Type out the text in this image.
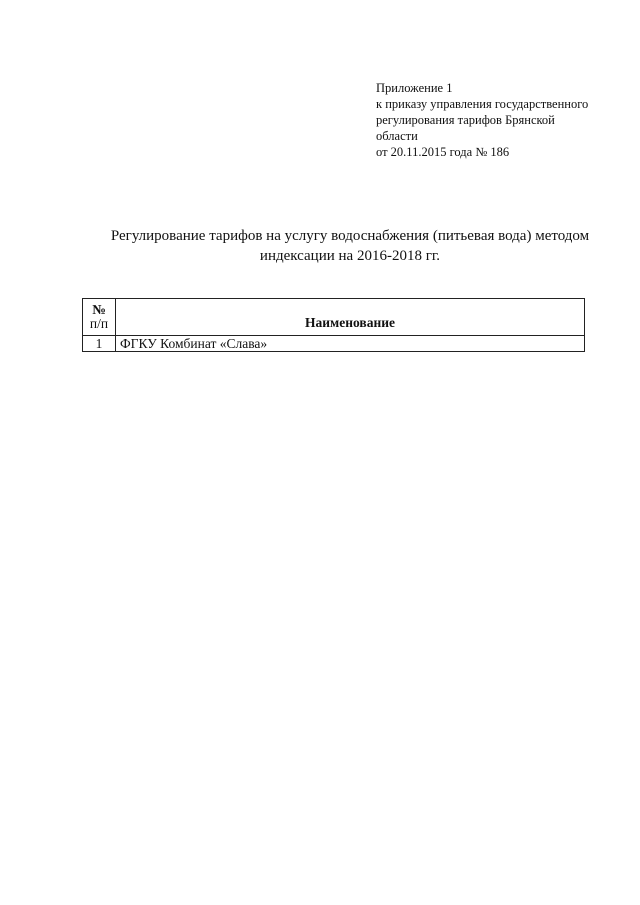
Приложение 1
к приказу управления государственного
регулирования тарифов Брянской
области
от 20.11.2015 года № 186
Регулирование тарифов на услугу водоснабжения (питьевая вода) методом
индексации на 2016-2018 гг.
№
п/п	Наименование
1	ФГКУ Комбинат «Слава»
